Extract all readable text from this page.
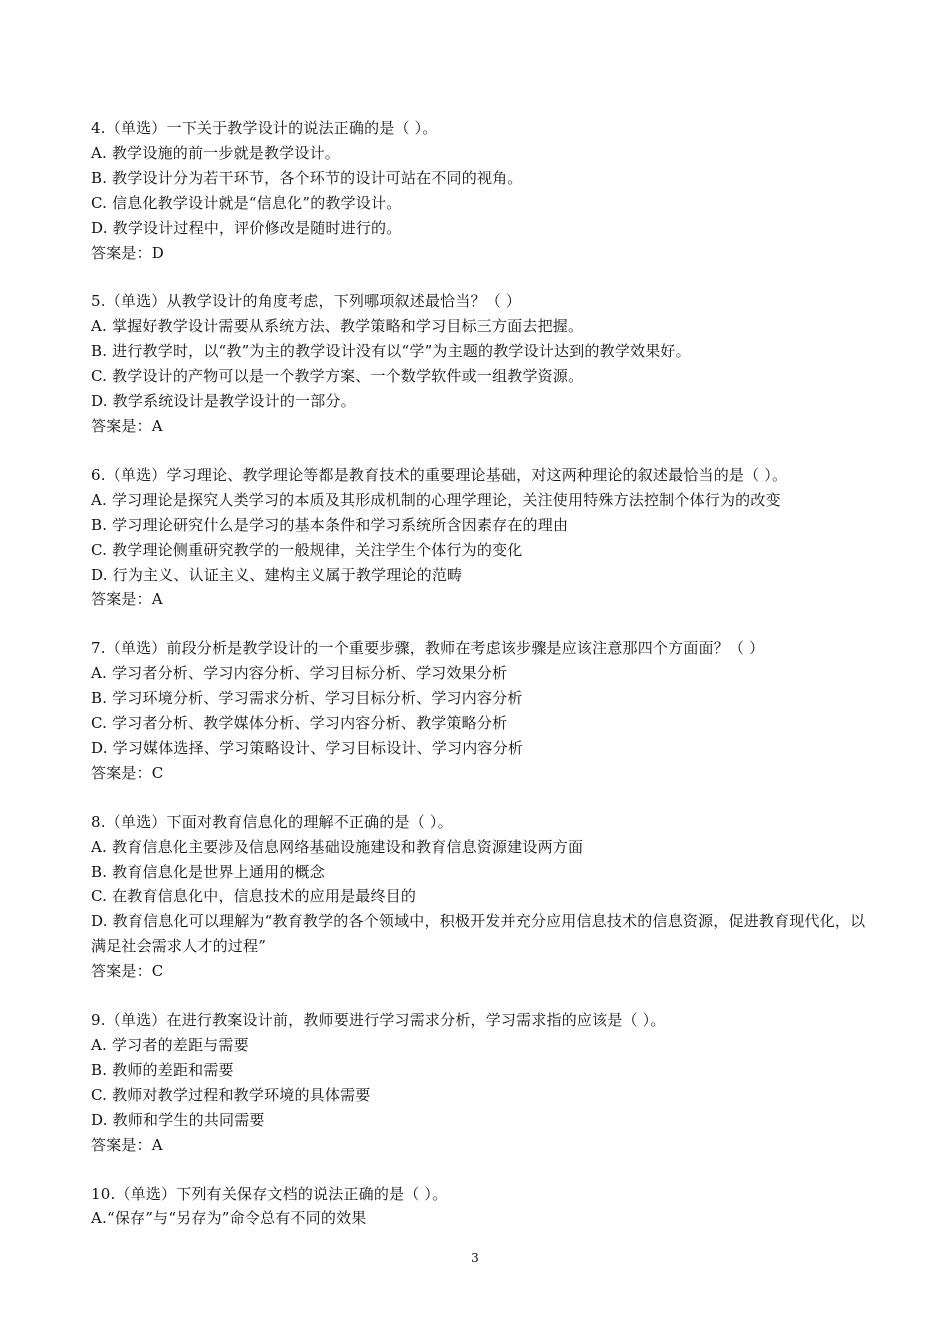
4.（单选）一下关于教学设计的说法正确的是（ ）。
A. 教学设施的前一步就是教学设计。
B. 教学设计分为若干环节，各个环节的设计可站在不同的视角。
C. 信息化教学设计就是“信息化”的教学设计。
D. 教学设计过程中，评价修改是随时进行的。
答案是：D
5.（单选）从教学设计的角度考虑，下列哪项叙述最恰当？（ ）
A. 掌握好教学设计需要从系统方法、教学策略和学习目标三方面去把握。
B. 进行教学时，以“教”为主的教学设计没有以“学”为主题的教学设计达到的教学效果好。
C. 教学设计的产物可以是一个教学方案、一个数学软件或一组教学资源。
D. 教学系统设计是教学设计的一部分。
答案是：A
6.（单选）学习理论、教学理论等都是教育技术的重要理论基础，对这两种理论的叙述最恰当的是（ ）。
A. 学习理论是探究人类学习的本质及其形成机制的心理学理论，关注使用特殊方法控制个体行为的改变
B. 学习理论研究什么是学习的基本条件和学习系统所含因素存在的理由
C. 教学理论侧重研究教学的一般规律，关注学生个体行为的变化
D. 行为主义、认证主义、建构主义属于教学理论的范畴
答案是：A
7.（单选）前段分析是教学设计的一个重要步骤，教师在考虑该步骤是应该注意那四个方面面？（ ）
A. 学习者分析、学习内容分析、学习目标分析、学习效果分析
B. 学习环境分析、学习需求分析、学习目标分析、学习内容分析
C. 学习者分析、教学媒体分析、学习内容分析、教学策略分析
D. 学习媒体选择、学习策略设计、学习目标设计、学习内容分析
答案是：C
8.（单选）下面对教育信息化的理解不正确的是（ ）。
A. 教育信息化主要涉及信息网络基础设施建设和教育信息资源建设两方面
B. 教育信息化是世界上通用的概念
C. 在教育信息化中，信息技术的应用是最终目的
D. 教育信息化可以理解为“教育教学的各个领域中，积极开发并充分应用信息技术的信息资源，促进教育现代化，以满足社会需求人才的过程”
答案是：C
9.（单选）在进行教案设计前，教师要进行学习需求分析，学习需求指的应该是（ ）。
A. 学习者的差距与需要
B. 教师的差距和需要
C. 教师对教学过程和教学环境的具体需要
D. 教师和学生的共同需要
答案是：A
10.（单选）下列有关保存文档的说法正确的是（ ）。
A.“保存”与“另存为”命令总有不同的效果
3
